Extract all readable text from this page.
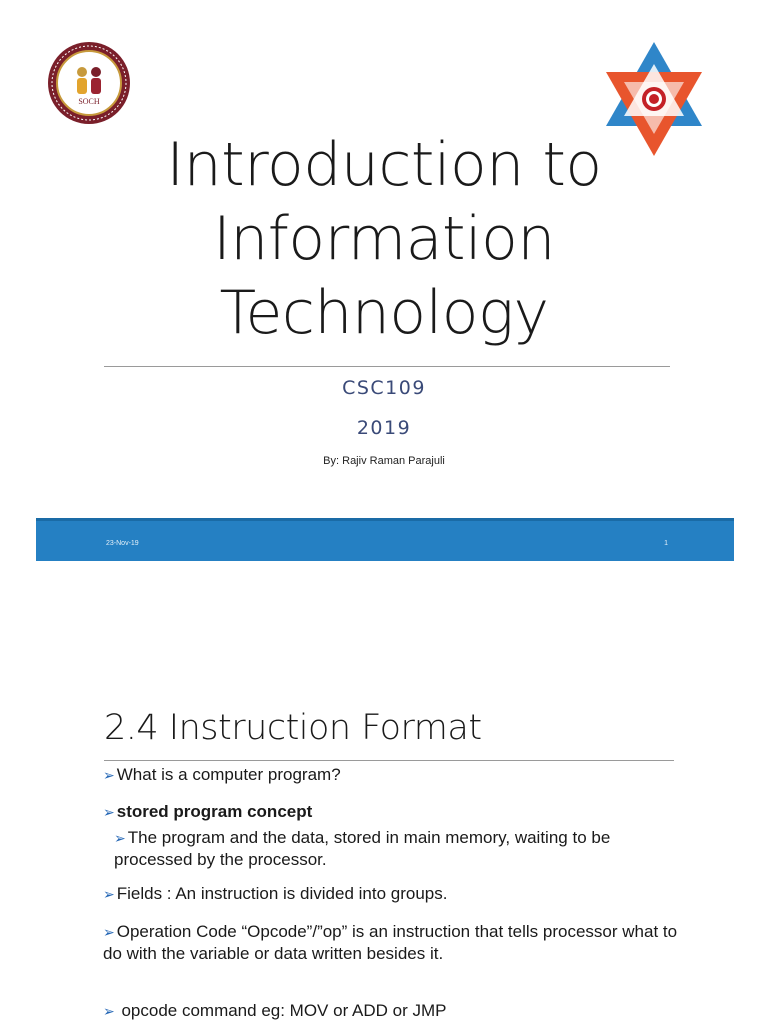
SOCH
Introduction to
Information
Technology
CSC109
2019
By: Rajiv Raman Parajuli
23-Nov-19	1
2.4 Instruction Format
➢ What is a computer program?
➢ stored program concept
➢ The program and the data, stored in main memory, waiting to be processed by the processor.
➢ Fields : An instruction is divided into groups.
➢ Operation Code “Opcode”/”op” is an instruction that tells processor what to do with the variable or data written besides it.
➢ opcode command eg: MOV or ADD or JMP
